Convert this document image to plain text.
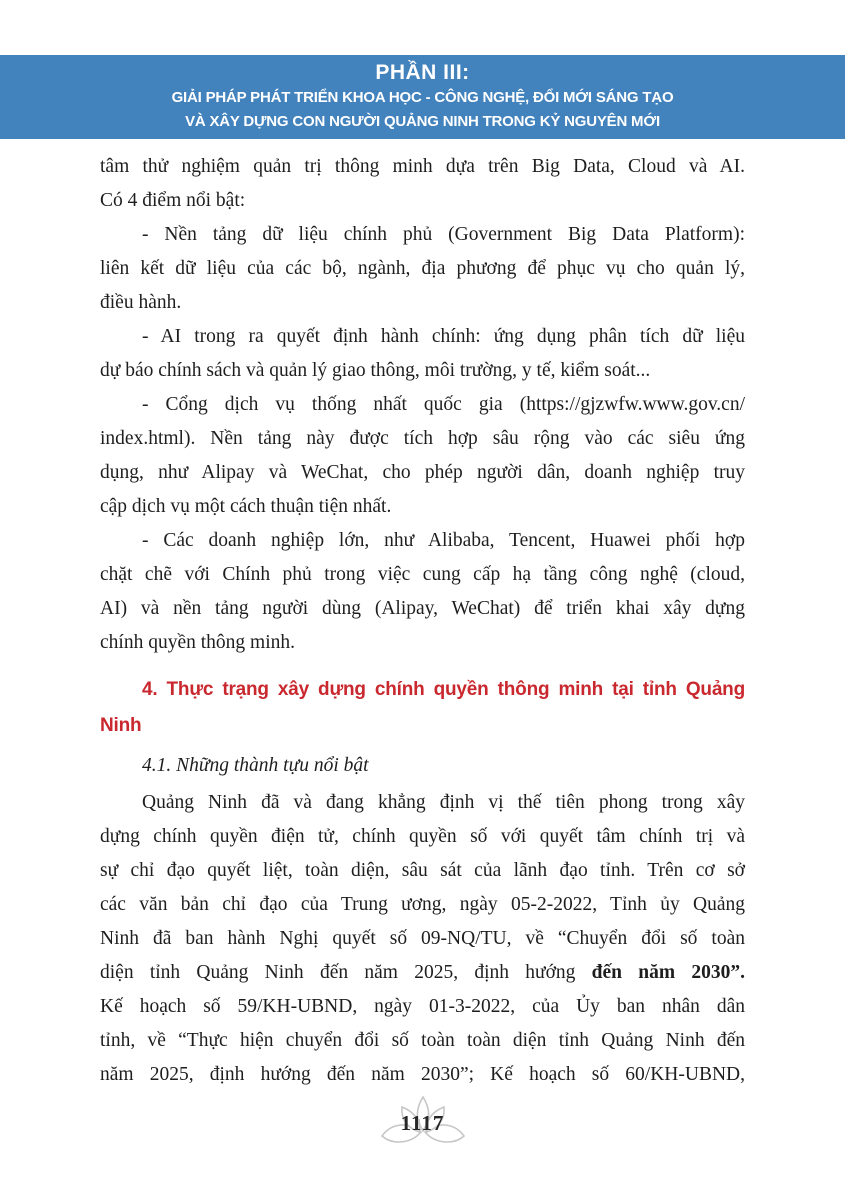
PHẦN III:
GIẢI PHÁP PHÁT TRIỂN KHOA HỌC - CÔNG NGHỆ, ĐỔI MỚI SÁNG TẠO
VÀ XÂY DỰNG CON NGƯỜI QUẢNG NINH TRONG KỶ NGUYÊN MỚI
tâm thử nghiệm quản trị thông minh dựa trên Big Data, Cloud và AI.
Có 4 điểm nổi bật:
- Nền tảng dữ liệu chính phủ (Government Big Data Platform):
liên kết dữ liệu của các bộ, ngành, địa phương để phục vụ cho quản lý,
điều hành.
- AI trong ra quyết định hành chính: ứng dụng phân tích dữ liệu
dự báo chính sách và quản lý giao thông, môi trường, y tế, kiểm soát...
- Cổng dịch vụ thống nhất quốc gia (https://gjzwfw.www.gov.cn/
index.html). Nền tảng này được tích hợp sâu rộng vào các siêu ứng
dụng, như Alipay và WeChat, cho phép người dân, doanh nghiệp truy
cập dịch vụ một cách thuận tiện nhất.
- Các doanh nghiệp lớn, như Alibaba, Tencent, Huawei phối hợp
chặt chẽ với Chính phủ trong việc cung cấp hạ tầng công nghệ (cloud,
AI) và nền tảng người dùng (Alipay, WeChat) để triển khai xây dựng
chính quyền thông minh.
4. Thực trạng xây dựng chính quyền thông minh tại tỉnh Quảng
Ninh
4.1. Những thành tựu nổi bật
Quảng Ninh đã và đang khẳng định vị thế tiên phong trong xây
dựng chính quyền điện tử, chính quyền số với quyết tâm chính trị và
sự chỉ đạo quyết liệt, toàn diện, sâu sát của lãnh đạo tỉnh. Trên cơ sở
các văn bản chỉ đạo của Trung ương, ngày 05-2-2022, Tỉnh ủy Quảng
Ninh đã ban hành Nghị quyết số 09-NQ/TU, về “Chuyển đổi số toàn
diện tỉnh Quảng Ninh đến năm 2025, định hướng đến năm 2030”.
Kế hoạch số 59/KH-UBND, ngày 01-3-2022, của Ủy ban nhân dân
tỉnh, về “Thực hiện chuyển đổi số toàn toàn diện tỉnh Quảng Ninh đến
năm 2025, định hướng đến năm 2030”; Kế hoạch số 60/KH-UBND,
1117
